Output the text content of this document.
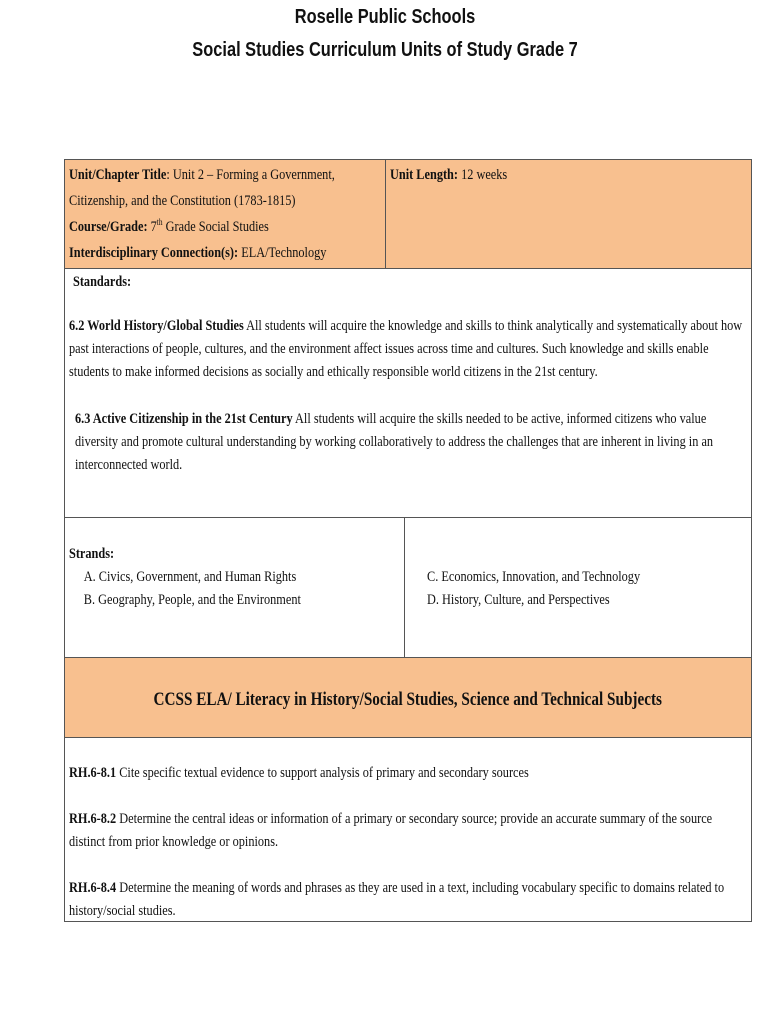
Roselle Public Schools
Social Studies Curriculum Units of Study Grade 7

Unit/Chapter Title: Unit 2 – Forming a Government, Citizenship, and the Constitution (1783-1815)

Course/Grade: 7th Grade Social Studies

Interdisciplinary Connection(s): ELA/Technology

Unit Length: 12 weeks
Standards:
6.2 World History/Global Studies All students will acquire the knowledge and skills to think analytically and systematically about how past interactions of people, cultures, and the environment affect issues across time and cultures. Such knowledge and skills enable students to make informed decisions as socially and ethically responsible world citizens in the 21st century.
6.3 Active Citizenship in the 21st Century All students will acquire the skills needed to be active, informed citizens who value diversity and promote cultural understanding by working collaboratively to address the challenges that are inherent in living in an interconnected world.

Strands:

A. Civics, Government, and Human Rights

B. Geography, People, and the Environment

C. Economics, Innovation, and Technology

D. History, Culture, and Perspectives

CCSS ELA/ Literacy in History/Social Studies, Science and Technical Subjects
RH.6-8.1 Cite specific textual evidence to support analysis of primary and secondary sources
RH.6-8.2 Determine the central ideas or information of a primary or secondary source; provide an accurate summary of the source distinct from prior knowledge or opinions.
RH.6-8.4 Determine the meaning of words and phrases as they are used in a text, including vocabulary specific to domains related to history/social studies.
